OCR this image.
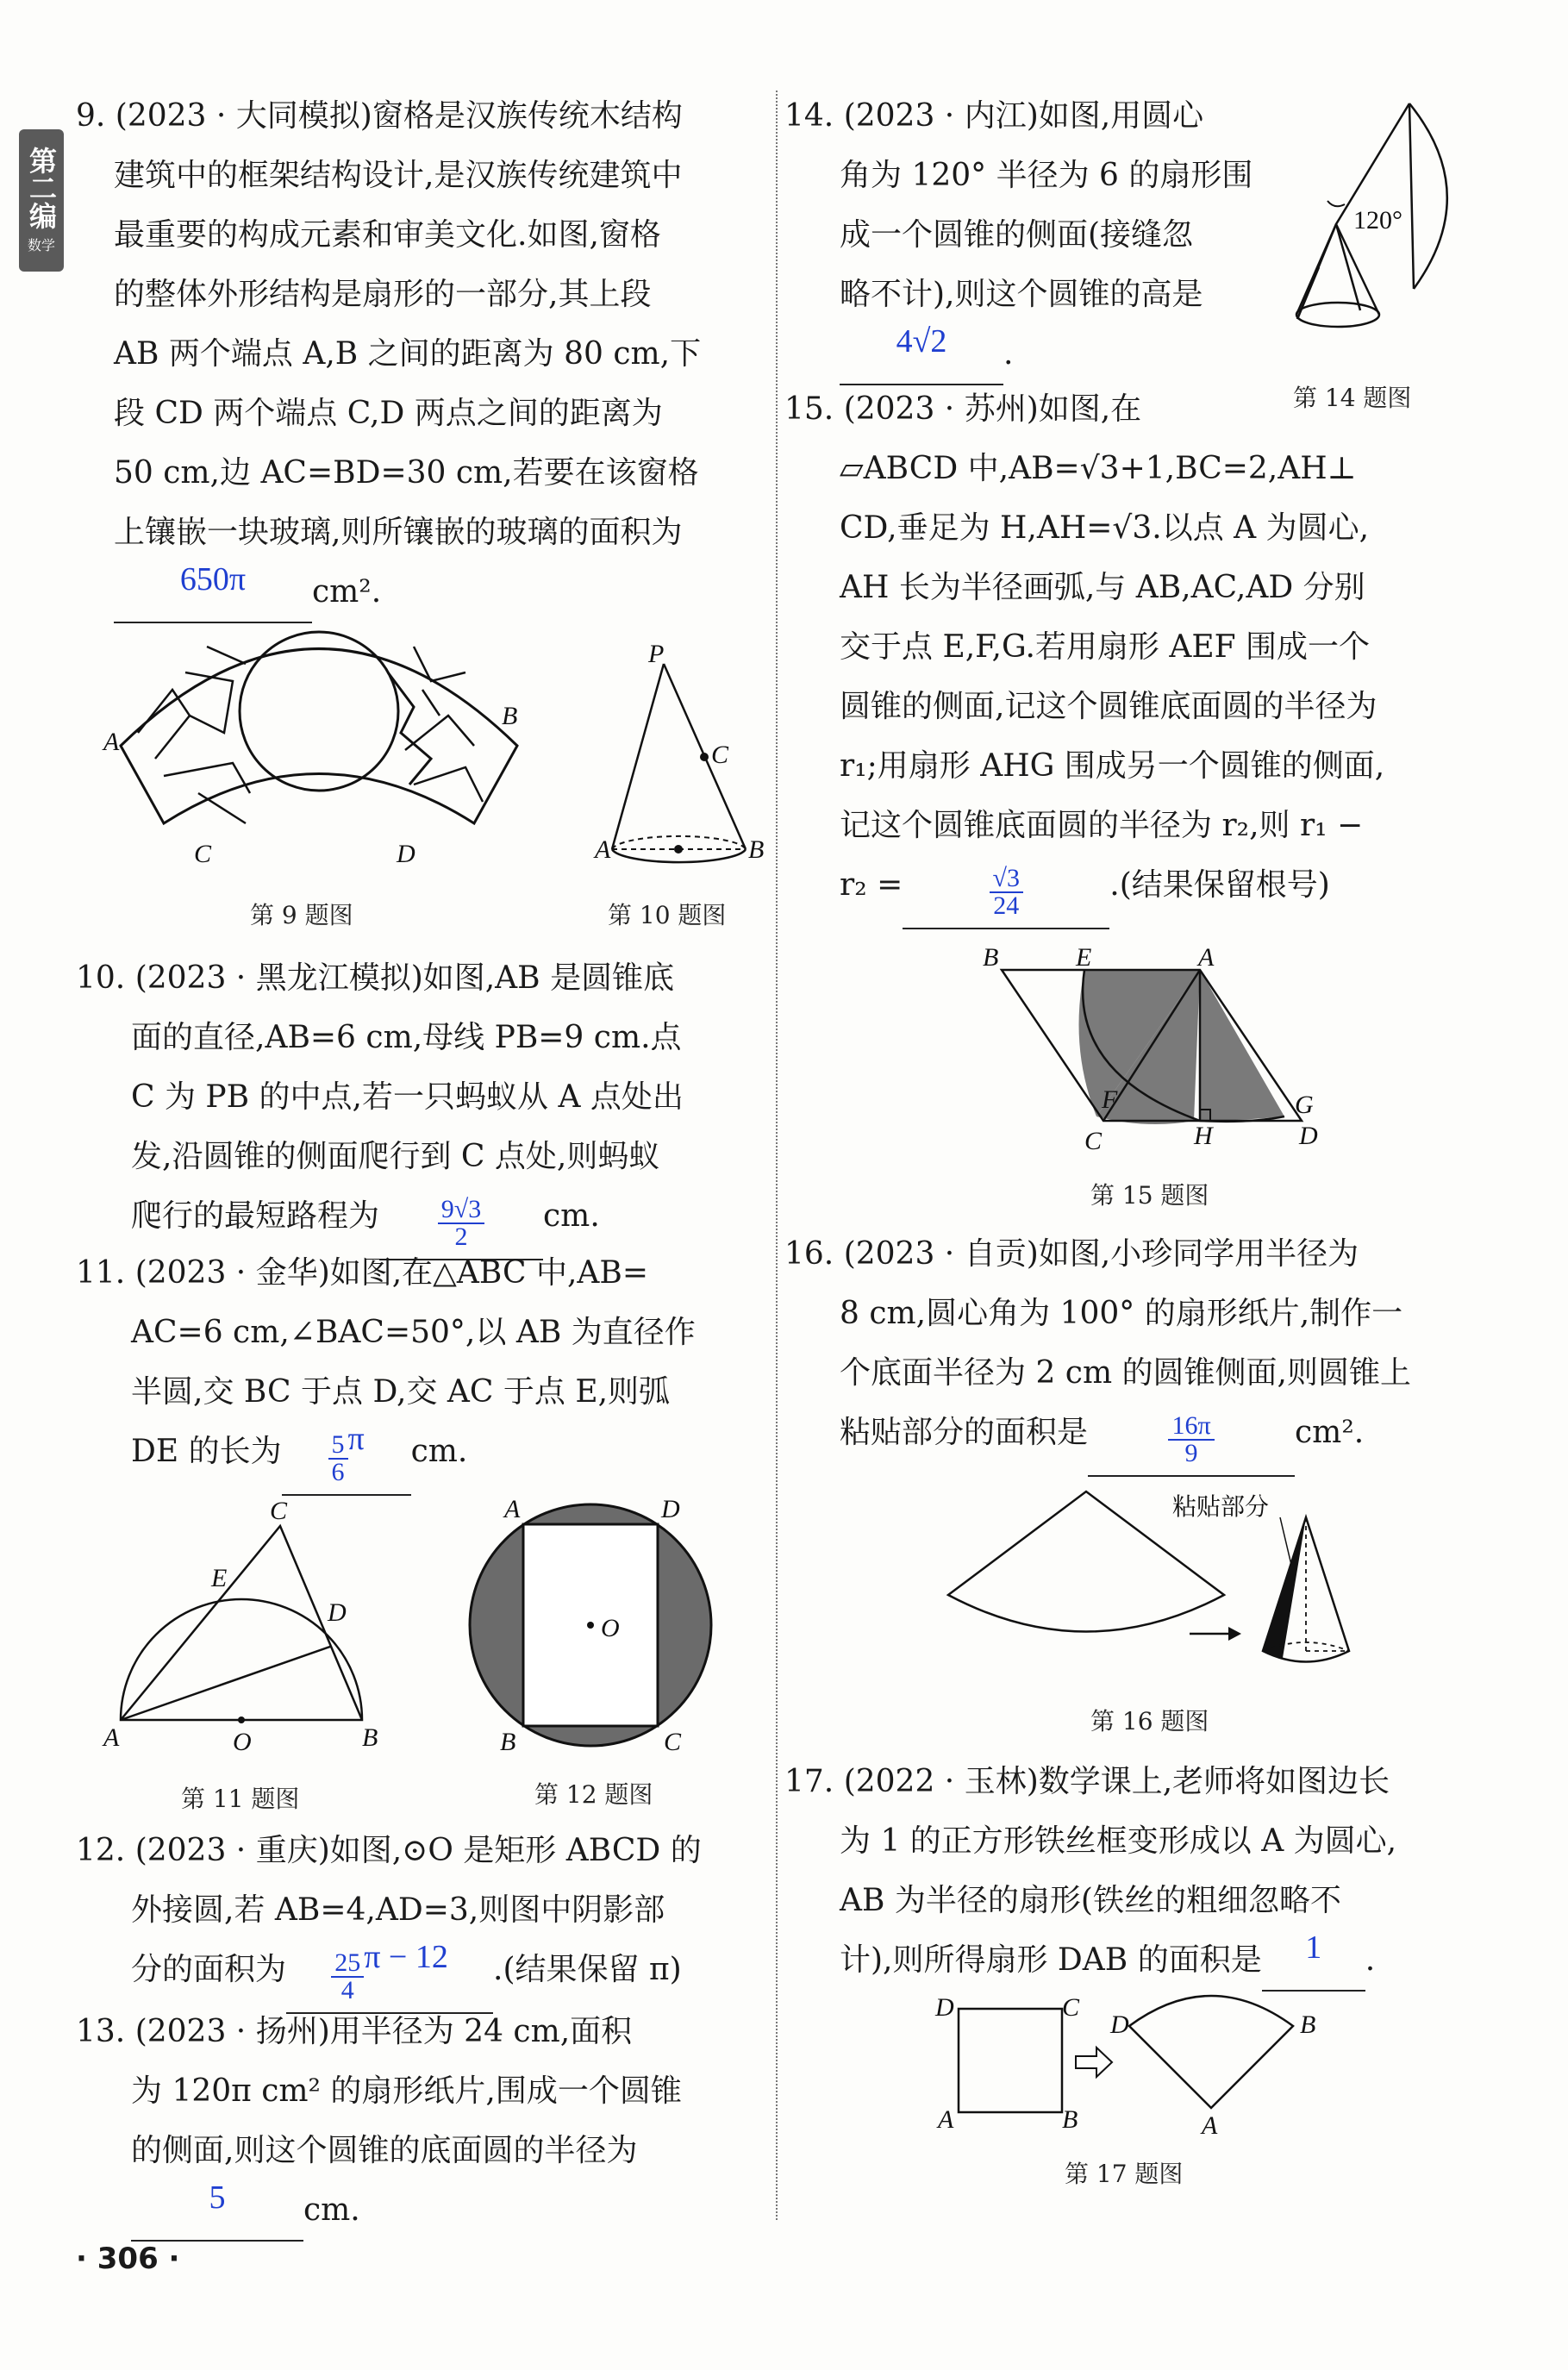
第二编
数学
9. (2023 · 大同模拟)窗格是汉族传统木结构
建筑中的框架结构设计,是汉族传统建筑中
最重要的构成元素和审美文化.如图,窗格
的整体外形结构是扇形的一部分,其上段
AB 两个端点 A,B 之间的距离为 80 cm,下
段 CD 两个端点 C,D 两点之间的距离为
50 cm,边 AC=BD=30 cm,若要在该窗格
上镶嵌一块玻璃,则所镶嵌的玻璃的面积为
650π cm².
A
B
C	D
第 9 题图
P
C
A	B
第 10 题图
10. (2023 · 黑龙江模拟)如图,AB 是圆锥底
面的直径,AB=6 cm,母线 PB=9 cm.点
C 为 PB 的中点,若一只蚂蚁从 A 点处出
发,沿圆锥的侧面爬行到 C 点处,则蚂蚁
爬行的最短路程为 $\frac{9√3}{2}$ cm.
11. (2023 · 金华)如图,在△ABC 中,AB=
AC=6 cm,∠BAC=50°,以 AB 为直径作
半圆,交 BC 于点 D,交 AC 于点 E,则弧
DE 的长为 $\frac{5}{6}$ π cm.
C
E
D
A	O	B
第 11 题图
A	D
O
B	C
第 12 题图
12. (2023 · 重庆)如图,⊙O 是矩形 ABCD 的
外接圆,若 AB=4,AD=3,则图中阴影部
分的面积为 $\frac{25}{4}$ π − 12 .(结果保留 π)
13. (2023 · 扬州)用半径为 24 cm,面积
为 120π cm² 的扇形纸片,围成一个圆锥
的侧面,则这个圆锥的底面圆的半径为
5	cm.
· 306 ·
14. (2023 · 内江)如图,用圆心
角为 120° 半径为 6 的扇形围
成一个圆锥的侧面(接缝忽
略不计),则这个圆锥的高是
4√2 .
120°
第 14 题图
15. (2023 · 苏州)如图,在
▱ABCD 中,AB=√3+1,BC=2,AH⊥
CD,垂足为 H,AH=√3.以点 A 为圆心,
AH 长为半径画弧,与 AB,AC,AD 分别
交于点 E,F,G.若用扇形 AEF 围成一个
圆锥的侧面,记这个圆锥底面圆的半径为
r₁;用扇形 AHG 围成另一个圆锥的侧面,
记这个圆锥底面圆的半径为 r₂,则 r₁ −
r₂ =	$\frac{√3}{24}$	.(结果保留根号)
B	E	A
F
C	H
G
D
第 15 题图
16. (2023 · 自贡)如图,小珍同学用半径为
8 cm,圆心角为 100° 的扇形纸片,制作一
个底面半径为 2 cm 的圆锥侧面,则圆锥上
粘贴部分的面积是	$\frac{16\pi}{9}$	cm².
粘贴部分
第 16 题图
17. (2022 · 玉林)数学课上,老师将如图边长
为 1 的正方形铁丝框变形成以 A 为圆心,
AB 为半径的扇形(铁丝的粗细忽略不
计),则所得扇形 DAB 的面积是 1 .
D	C
A	B
D	B
A
第 17 题图
